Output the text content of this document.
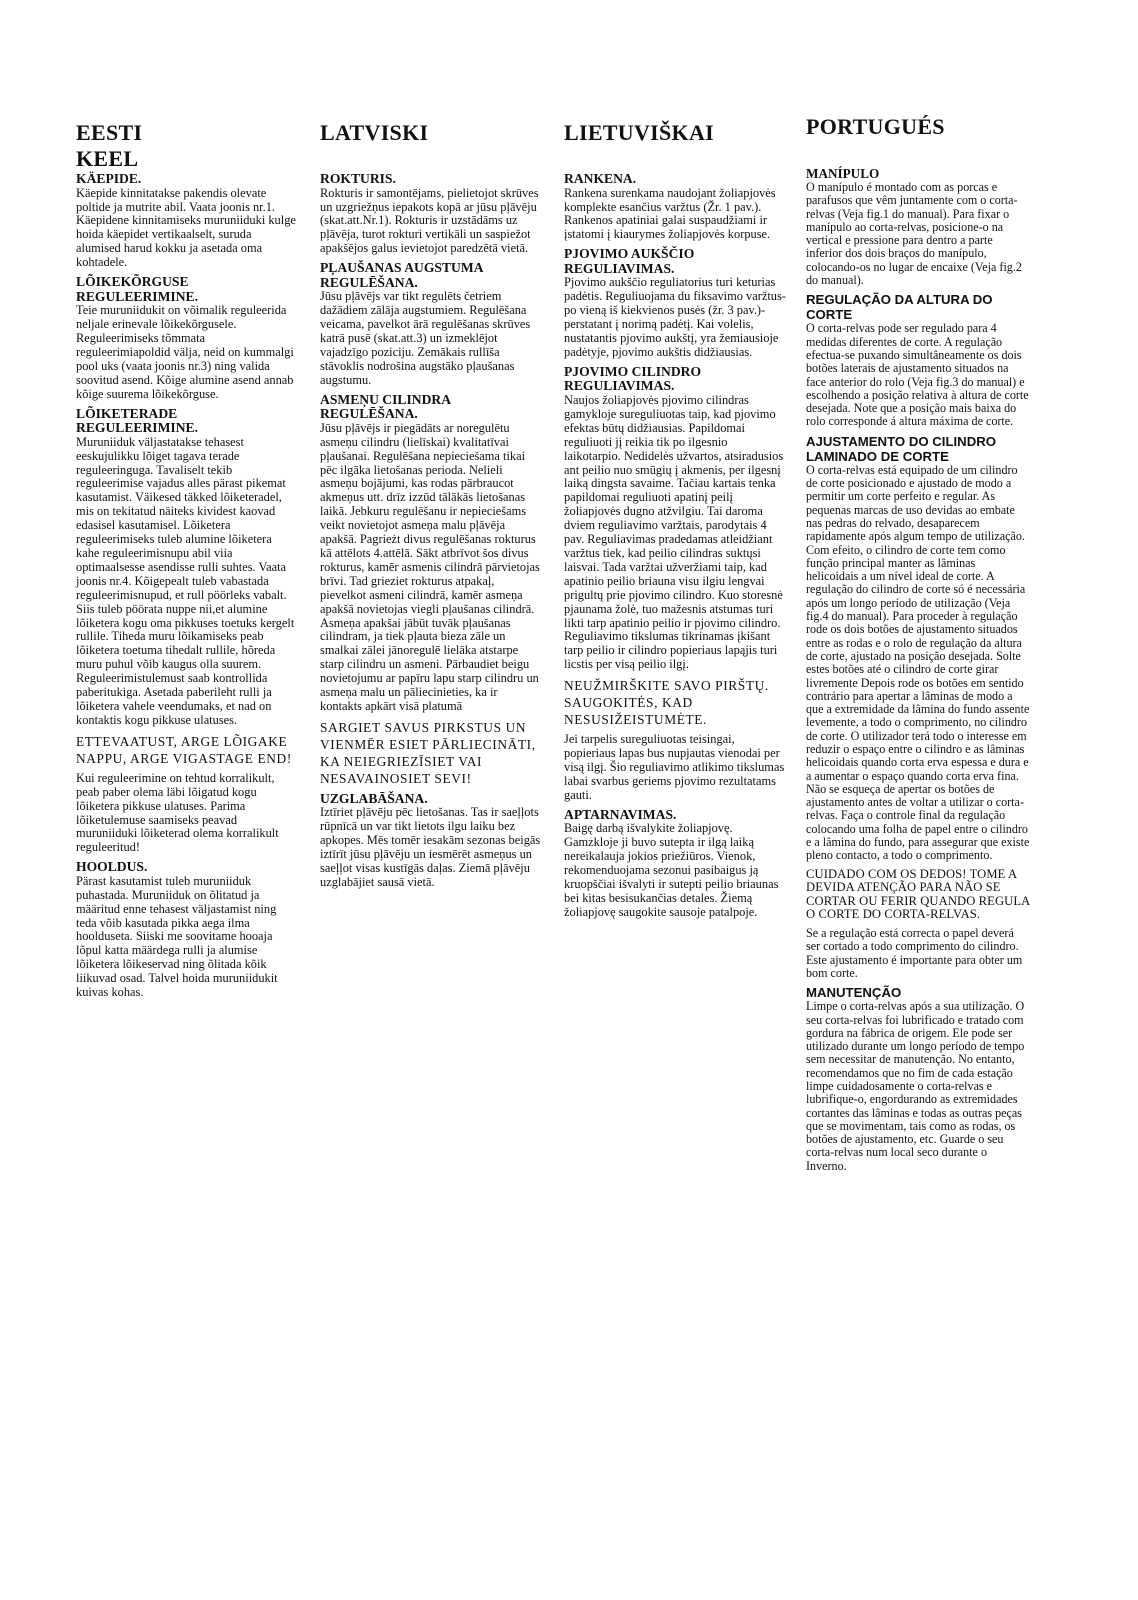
EESTI KEEL
KÄEPIDE.

Käepide kinnitatakse pakendis olevate poltide ja mutrite abil. Vaata joonis nr.1. Käepidene kinnitamiseks muruniiduki kulge hoida käepidet vertikaalselt, suruda alumised harud kokku ja asetada oma kohtadele.

LÕIKEKÕRGUSE REGULEERIMINE.

Teie muruniidukit on võimalik reguleerida neljale erinevale lõikekõrgusele. Reguleerimiseks tõmmata reguleerimiapoldid välja, neid on kummalgi pool uks (vaata joonis nr.3) ning valida soovitud asend. Kõige alumine asend annab kõige suurema lõikekõrguse.

LÕIKETERADE REGULEERIMINE.

Muruniiduk väljastatakse tehasest eeskujulikku lõiget tagava terade reguleeringuga. Tavaliselt tekib reguleerimise vajadus alles pärast pikemat kasutamist. Väikesed täkked lõiketeradel, mis on tekitatud näiteks kividest kaovad edasisel kasutamisel. Lõiketera reguleerimiseks tuleb alumine lõiketera kahe reguleerimisnupu abil viia optimaalsesse asendisse rulli suhtes. Vaata joonis nr.4. Kõigepealt tuleb vabastada reguleerimisnupud, et rull pöörleks vabalt. Siis tuleb pöörata nuppe nii,et alumine lõiketera kogu oma pikkuses toetuks kergelt rullile. Tiheda muru lõikamiseks peab lõiketera toetuma tihedalt rullile, hõreda muru puhul võib kaugus olla suurem. Reguleerimistulemust saab kontrollida paberitukiga. Asetada paberileht rulli ja lõiketera vahele veendumaks, et nad on kontaktis kogu pikkuse ulatuses.

ETTEVAATUST, ARGE LÕIGAKE NAPPU, ARGE VIGASTAGE END!

Kui reguleerimine on tehtud korralikult, peab paber olema läbi lõigatud kogu lõiketera pikkuse ulatuses. Parima lõiketulemuse saamiseks peavad muruniiduki lõiketerad olema korralikult reguleeritud!

HOOLDUS.

Pärast kasutamist tuleb muruniiduk puhastada. Muruniiduk on õlitatud ja määritud enne tehasest väljastamist ning teda võib kasutada pikka aega ilma hoolduseta. Siiski me soovitame hooaja lõpul katta määrdega rulli ja alumise lõiketera lõikeservad ning õlitada kõik liikuvad osad. Talvel hoida muruniidukit kuivas kohas.

LATVISKI
ROKTURIS.

Rokturis ir samontējams, pielietojot skrūves un uzgriežņus iepakots kopā ar jūsu pļāvēju (skat.att.Nr.1). Rokturis ir uzstādāms uz pļāvēja, turot rokturi vertikāli un saspiežot apakšējos galus ievietojot paredzētā vietā.

PĻAUŠANAS AUGSTUMA REGULĒŠANA.

Jūsu pļāvējs var tikt regulēts četriem dažādiem zālāja augstumiem. Regulēšana veicama, pavelkot ārā regulēšanas skrūves katrā pusē (skat.att.3) un izmeklējot vajadzīgo poziciju. Zemākais rullīša stāvoklis nodrošina augstāko pļaušanas augstumu.

ASMEŅU CILINDRA REGULĒŠANA.

Jūsu pļāvējs ir piegādāts ar noregulētu asmeņu cilindru (lielīskai) kvalitatīvai pļaušanai. Regulēšana nepieciešama tikai pēc ilgāka lietošanas perioda. Nelieli asmeņu bojājumi, kas rodas pārbraucot akmeņus utt. drīz izzūd tālākās lietošanas laikā. Jebkuru regulēšanu ir nepieciešams veikt novietojot asmeņa malu pļāvēja apakšā. Pagrieżt divus regulēšanas rokturus kā attēlots 4.attēlā. Sākt atbrīvot šos divus rokturus, kamēr asmenis cilindrā pārvietojas brīvi. Tad grieziet rokturus atpakaļ, pievelkot asmeni cilindrā, kamēr asmeņa apakšā novietojas viegli pļaušanas cilindrā. Asmeņa apakšai jābūt tuvāk pļaušanas cilindram, ja tiek pļauta bieza zāle un smalkai zālei jānoregulē lielāka atstarpe starp cilindru un asmeni. Pārbaudiet beigu novietojumu ar papīru lapu starp cilindru un asmeņa malu un pāliecinieties, ka ir kontakts apkārt visā platumā

SARGIET SAVUS PIRKSTUS UN VIENMĒR ESIET PĀRLIECINĀTI, KA NEIEGRIEZĪSIET VAI NESAVAINOSIET SEVI!

UZGLABĀŠANA.

Iztīriet pļāvēju pēc lietošanas. Tas ir saeļļots rūpnīcā un var tikt lietots ilgu laiku bez apkopes. Mēs tomēr iesakām sezonas beigās iztīrīt jūsu pļāvēju un iesmērēt asmeņus un saeļļot visas kustīgās daļas. Ziemā pļāvēju uzglabājiet sausā vietā.

LIETUVIŠKAI
RANKENA.

Rankena surenkama naudojant žoliapjovės komplekte esančius varžtus (Žr. 1 pav.). Rankenos apatiniai galai suspaudžiami ir įstatomi į kiaurymes žoliapjovės korpuse.

PJOVIMO AUKŠČIO REGULIAVIMAS.

Pjovimo aukščio reguliatorius turi keturias padėtis. Reguliuojama du fiksavimo varžtus-po vieną iš kiekvienos pusės (žr. 3 pav.)-perstatant į norimą padėtį. Kai volelis, nustatantis pjovimo aukštį, yra žemiausioje padėtyje, pjovimo aukštis didžiausias.

PJOVIMO CILINDRO REGULIAVIMAS.

Naujos žoliapjovės pjovimo cilindras gamykloje sureguliuotas taip, kad pjovimo efektas būtų didžiausias. Papildomai reguliuoti jį reikia tik po ilgesnio laikotarpio. Nedidelės užvartos, atsiradusios ant peilio nuo smūgių į akmenis, per ilgesnį laiką dingsta savaime. Tačiau kartais tenka papildomai reguliuoti apatinį peilį žoliapjovės dugno atžvilgiu. Tai daroma dviem reguliavimo varžtais, parodytais 4 pav. Reguliavimas pradedamas atleidžiant varžtus tiek, kad peilio cilindras suktųsi laisvai. Tada varžtai užveržiami taip, kad apatinio peilio briauna visu ilgiu lengvai prigultų prie pjovimo cilindro. Kuo storesnė pjaunama žolė, tuo mažesnis atstumas turi likti tarp apatinio peilio ir pjovimo cilindro. Reguliavimo tikslumas tikrinamas įkišant tarp peilio ir cilindro popieriaus lapąjis turi licstis per visą peilio ilgį.

NEUŽMIRŠKITE SAVO PIRŠTŲ. SAUGOKITĖS, KAD NESUSIŽEISTUMĖTE.

Jei tarpelis sureguliuotas teisingai, popieriaus lapas bus nupjautas vienodai per visą ilgį. Šio reguliavimo atlikimo tikslumas labai svarbus geriems pjovimo rezultatams gauti.

APTARNAVIMAS.

Baigę darbą išvalykite žoliapjovę. Gamzkloje ji buvo sutepta ir ilgą laiką nereikalauja jokios priežiūros. Vienok, rekomenduojama sezonui pasibaigus ją kruopščiai išvalyti ir sutepti peilio briaunas bei kitas besisukančias detales. Žiemą žoliapjovę saugokite sausoje patalpoje.

PORTUGUÉS
MANÍPULO

O manípulo é montado com as porcas e parafusos que vêm juntamente com o corta-relvas (Veja fig.1 do manual). Para fixar o manípulo ao corta-relvas, posicione-o na vertical e pressione para dentro a parte inferior dos dois braços do manípulo, colocando-os no lugar de encaixe (Veja fig.2 do manual).

REGULAÇÃO DA ALTURA DO CORTE

O corta-relvas pode ser regulado para 4 medidas diferentes de corte. A regulação efectua-se puxando simultâneamente os dois botões laterais de ajustamento situados na face anterior do rolo (Veja fig.3 do manual) e escolhendo a posição relativa à altura de corte desejada. Note que a posição mais baixa do rolo corresponde á altura máxima de corte.

AJUSTAMENTO DO CILINDRO LAMINADO DE CORTE

O corta-relvas está equipado de um cilindro de corte posicionado e ajustado de modo a permitir um corte perfeito e regular. As pequenas marcas de uso devidas ao embate nas pedras do relvado, desaparecem rapidamente após algum tempo de utilização. Com efeito, o cilindro de corte tem como função principal manter as lâminas helicoidais a um nível ideal de corte. A regulação do cilindro de corte só é necessária após um longo período de utilização (Veja fig.4 do manual). Para proceder à regulação rode os dois botões de ajustamento situados entre as rodas e o rolo de regulação da altura de corte, ajustado na posição desejada. Solte estes botões até o cilindro de corte girar livremente Depois rode os botões em sentido contrário para apertar a lâminas de modo a que a extremidade da lâmina do fundo assente levemente, a todo o comprimento, no cilindro de corte. O utilizador terá todo o interesse em reduzir o espaço entre o cilindro e as lâminas helicoidais quando corta erva espessa e dura e a aumentar o espaço quando corta erva fina. Não se esqueça de apertar os botões de ajustamento antes de voltar a utilizar o corta-relvas. Faça o controle final da regulação colocando uma folha de papel entre o cilindro e a lâmina do fundo, para assegurar que existe pleno contacto, a todo o comprimento.

CUIDADO COM OS DEDOS! TOME A DEVIDA ATENÇÃO PARA NÃO SE CORTAR OU FERIR QUANDO REGULA O CORTE DO CORTA-RELVAS.

Se a regulação está correcta o papel deverá ser cortado a todo comprimento do cilindro. Este ajustamento é importante para obter um bom corte.

MANUTENÇÃO

Limpe o corta-relvas após a sua utilização. O seu corta-relvas foi lubrificado e tratado com gordura na fábrica de origem. Ele pode ser utilizado durante um longo período de tempo sem necessitar de manutenção. No entanto, recomendamos que no fim de cada estação limpe cuidadosamente o corta-relvas e lubrifique-o, engordurando as extremidades cortantes das lâminas e todas as outras peças que se movimentam, tais como as rodas, os botões de ajustamento, etc. Guarde o seu corta-relvas num local seco durante o Inverno.
